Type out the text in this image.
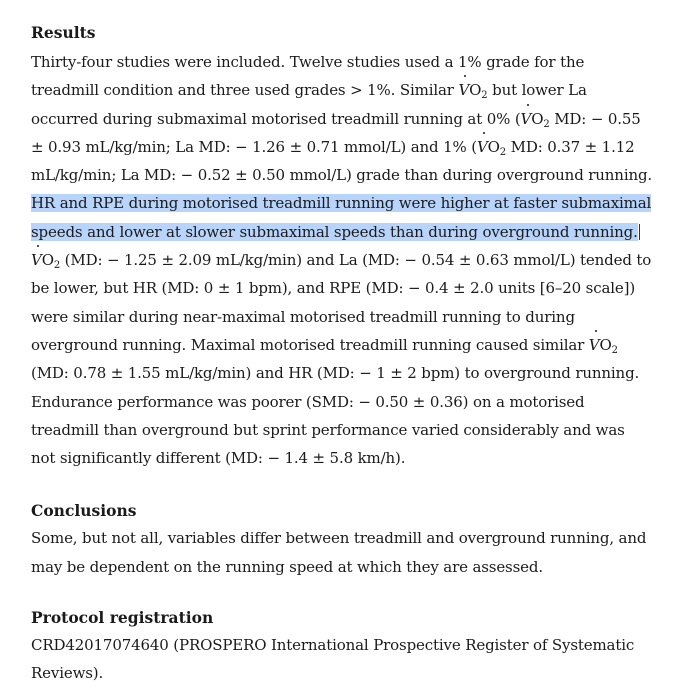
Results

Thirty-four studies were included. Twelve studies used a 1% grade for the treadmill condition and three used grades > 1%. Similar $VO_2$ but lower La occurred during submaximal motorised treadmill running at 0% ($VO_2$ MD: − 0.55 ± 0.93 mL/kg/min; La MD: − 1.26 ± 0.71 mmol/L) and 1% ($VO_2$ MD: 0.37 ± 1.12 mL/kg/min; La MD: − 0.52 ± 0.50 mmol/L) grade than during overground running. HR and RPE during motorised treadmill running were higher at faster submaximal speeds and lower at slower submaximal speeds than during overground $running.VO_2$ (MD: − 1.25 ± 2.09 mL/kg/min) and La (MD: − 0.54 ± 0.63 mmol/L) tended to be lower, but HR (MD: 0 ± 1 bpm), and RPE (MD: − 0.4 ± 2.0 units [6–20 scale]) were similar during near-maximal motorised treadmill running to during overground running. Maximal motorised treadmill running caused similar $VO_2$ (MD: 0.78 ± 1.55 mL/kg/min) and HR (MD: − 1 ± 2 bpm) to overground running. Endurance performance was poorer (SMD: − 0.50 ± 0.36) on a motorised treadmill than overground but sprint performance varied considerably and was not significantly different (MD: − 1.4 ± 5.8 km/h).

Conclusions

Some, but not all, variables differ between treadmill and overground running, and may be dependent on the running speed at which they are assessed.

Protocol registration

CRD42017074640 (PROSPERO International Prospective Register of Systematic Reviews).
